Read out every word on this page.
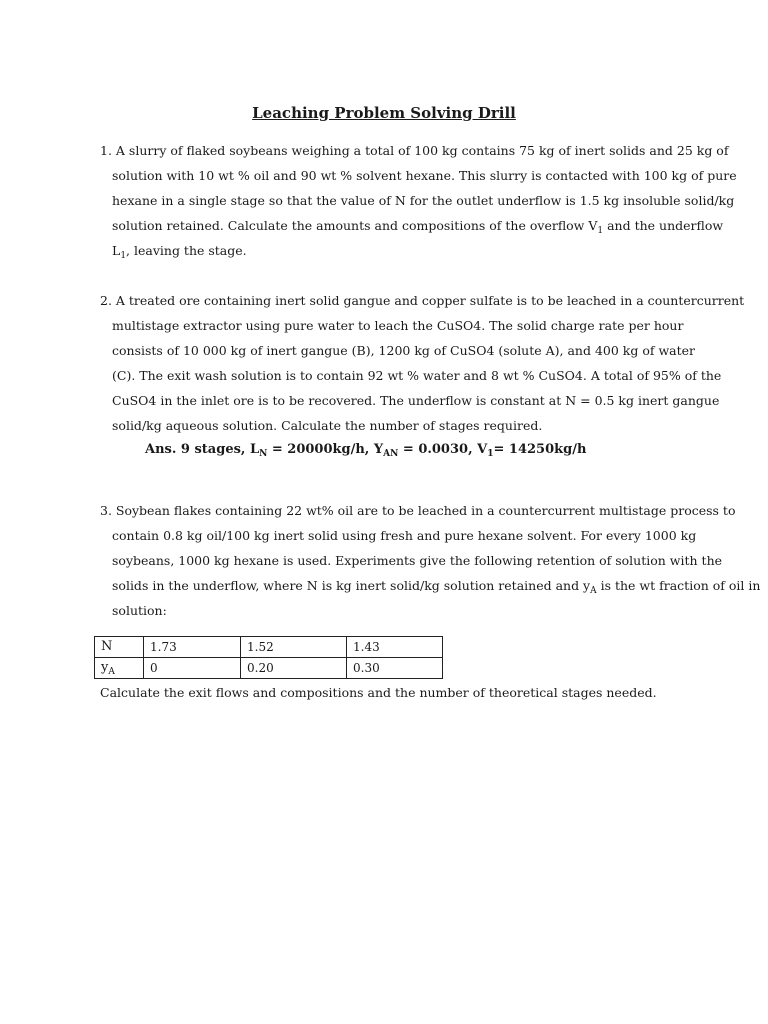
Leaching Problem Solving Drill
1. A slurry of flaked soybeans weighing a total of 100 kg contains 75 kg of inert solids and 25 kg of
solution with 10 wt % oil and 90 wt % solvent hexane. This slurry is contacted with 100 kg of pure
hexane in a single stage so that the value of N for the outlet underflow is 1.5 kg insoluble solid/kg
solution retained. Calculate the amounts and compositions of the overflow $V_1$ and the underflow
$L_1$, leaving the stage.
2. A treated ore containing inert solid gangue and copper sulfate is to be leached in a countercurrent
multistage extractor using pure water to leach the CuSO4. The solid charge rate per hour
consists of 10 000 kg of inert gangue (B), 1200 kg of CuSO4 (solute A), and 400 kg of water
(C). The exit wash solution is to contain 92 wt % water and 8 wt % CuSO4. A total of 95% of the
CuSO4 in the inlet ore is to be recovered. The underflow is constant at N = 0.5 kg inert gangue
solid/kg aqueous solution. Calculate the number of stages required.
Ans. 9 stages, $L_N = 20000kg/h$, $Y_{AN} = 0.0030$, $V_1= 14250kg/h$
3. Soybean flakes containing 22 wt% oil are to be leached in a countercurrent multistage process to
contain 0.8 kg oil/100 kg inert solid using fresh and pure hexane solvent. For every 1000 kg
soybeans, 1000 kg hexane is used. Experiments give the following retention of solution with the
solids in the underflow, where N is kg inert solid/kg solution retained and $y_A$ is the wt fraction of oil in
solution:
N	1.73	1.52	1.43
$y_A$	0	0.20	0.30
Calculate the exit flows and compositions and the number of theoretical stages needed.
